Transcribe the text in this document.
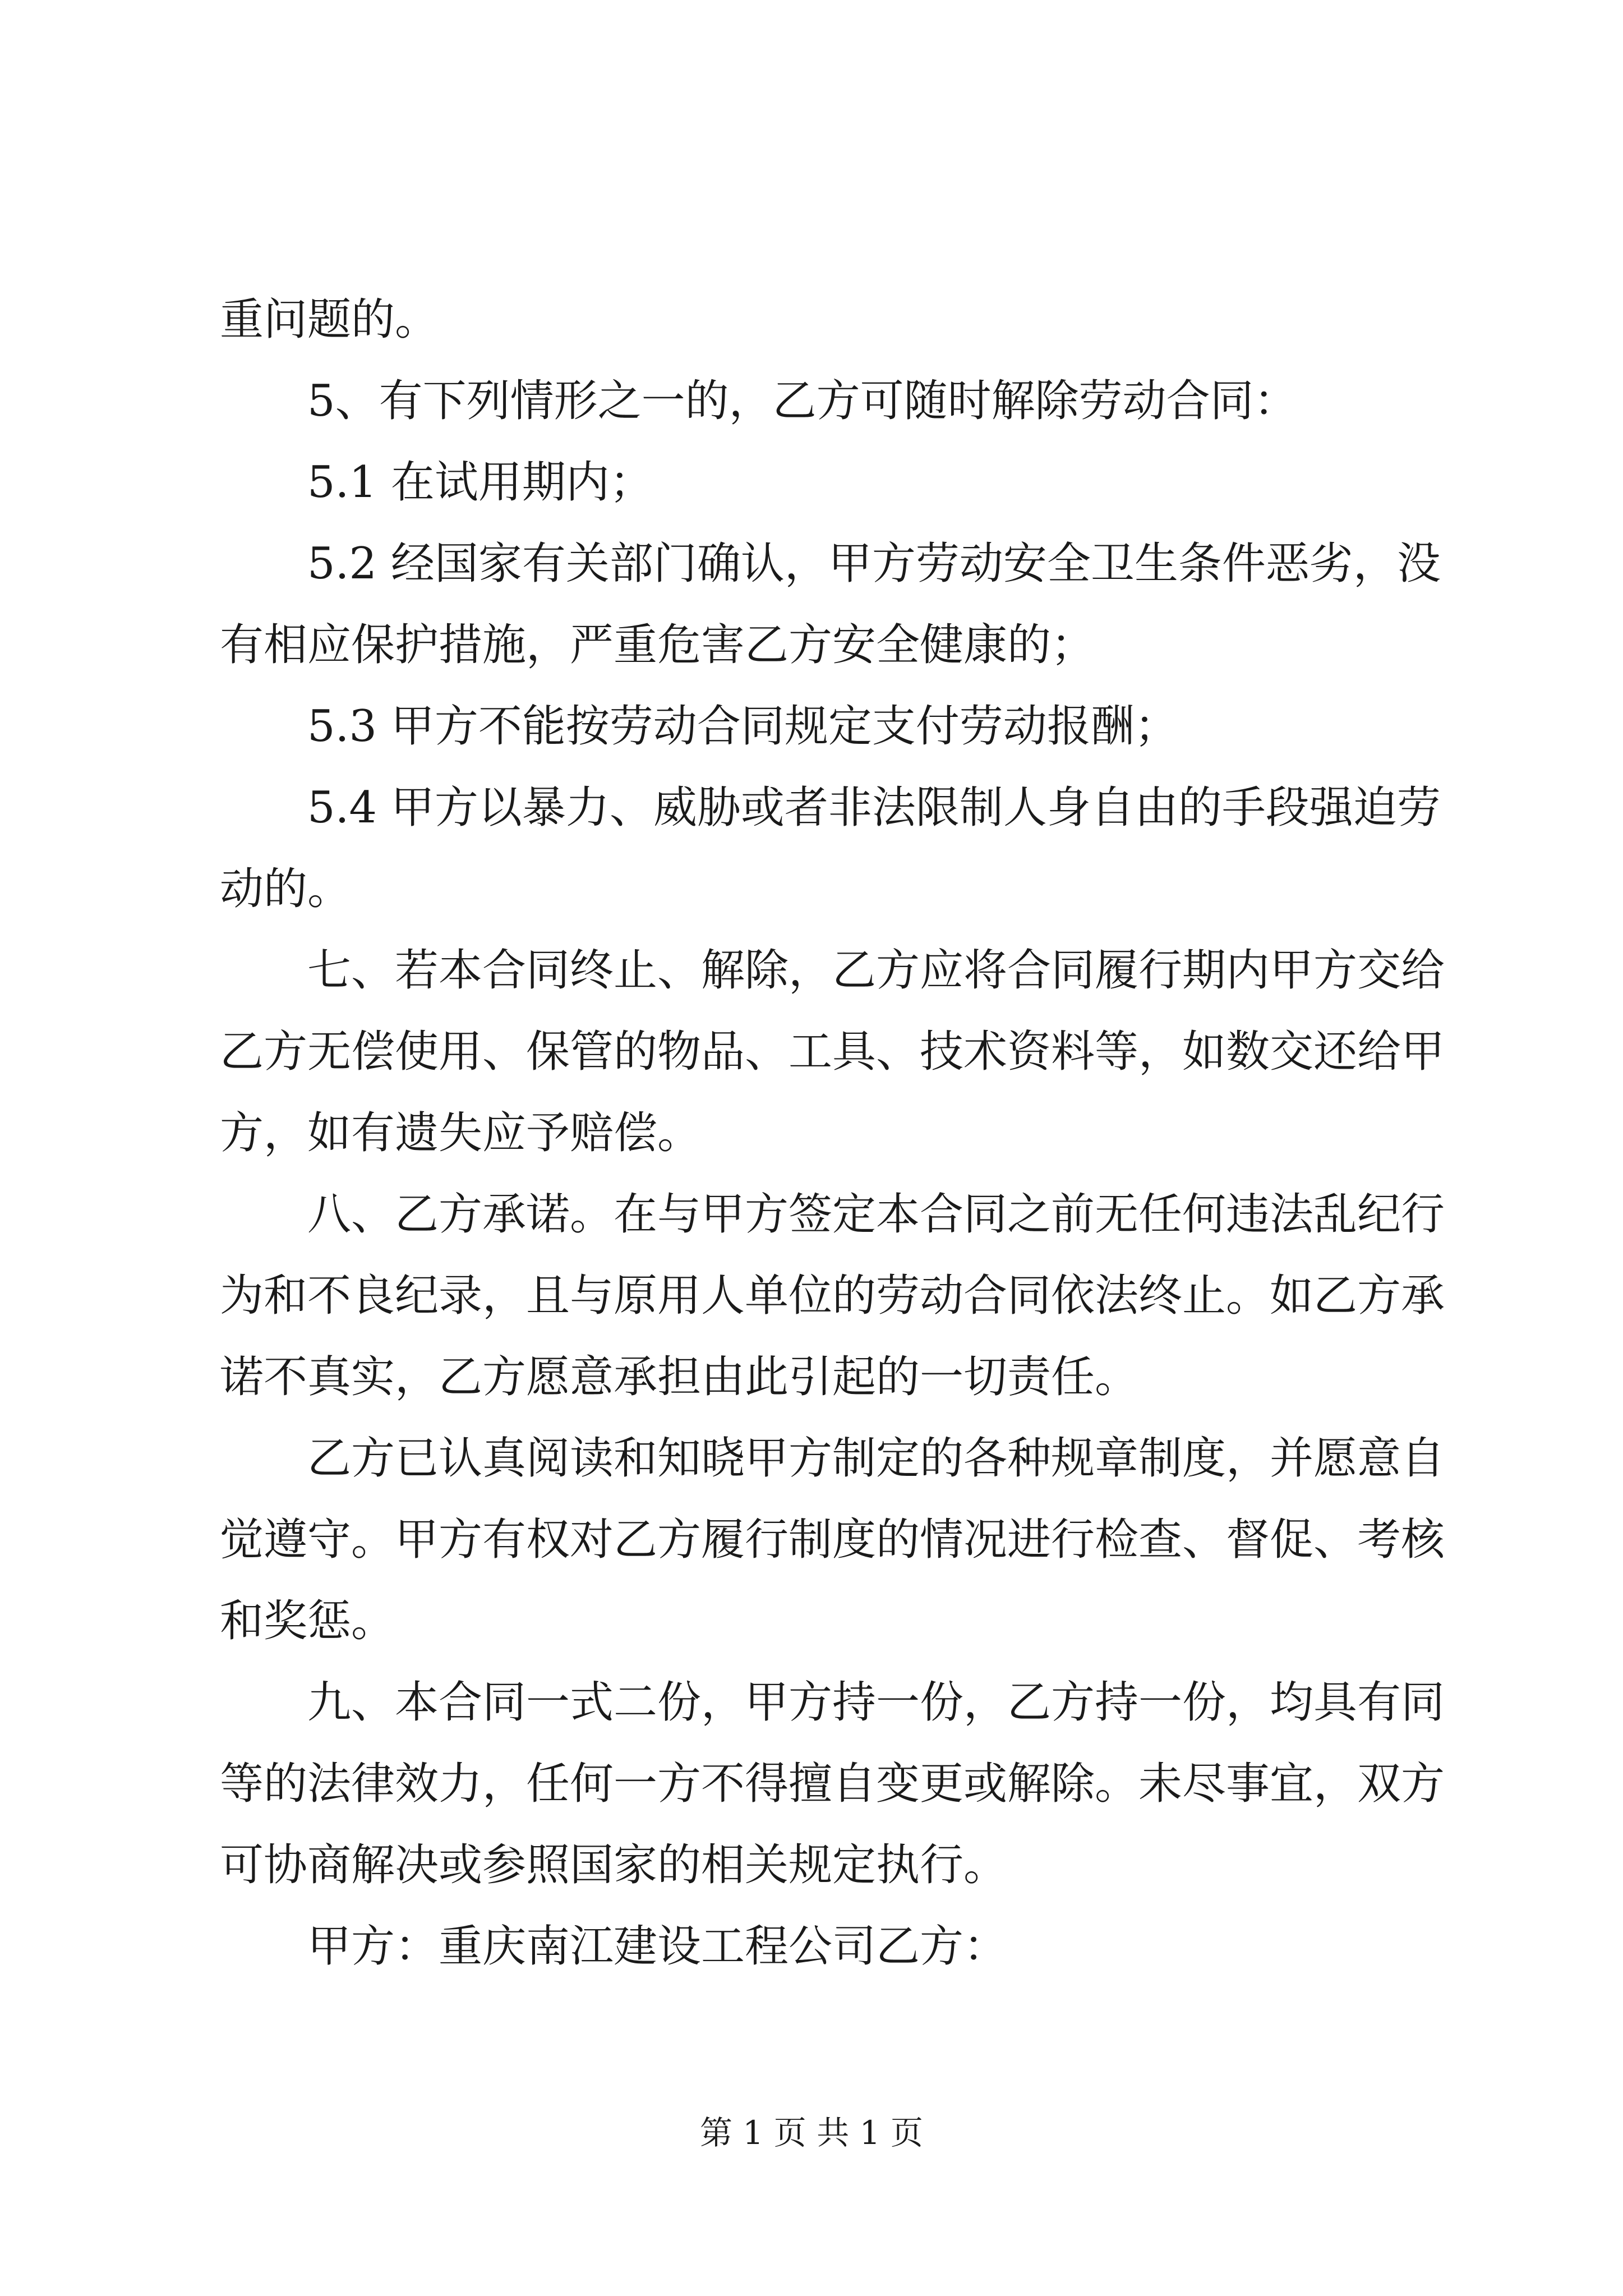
重问题的。
5、有下列情形之一的，乙方可随时解除劳动合同：
5.1 在试用期内；
5.2 经国家有关部门确认，甲方劳动安全卫生条件恶劣，没
有相应保护措施，严重危害乙方安全健康的；
5.3 甲方不能按劳动合同规定支付劳动报酬；
5.4 甲方以暴力、威胁或者非法限制人身自由的手段强迫劳
动的。
七、若本合同终止、解除，乙方应将合同履行期内甲方交给
乙方无偿使用、保管的物品、工具、技术资料等，如数交还给甲
方，如有遗失应予赔偿。
八、乙方承诺。在与甲方签定本合同之前无任何违法乱纪行
为和不良纪录，且与原用人单位的劳动合同依法终止。如乙方承
诺不真实，乙方愿意承担由此引起的一切责任。
乙方已认真阅读和知晓甲方制定的各种规章制度，并愿意自
觉遵守。甲方有权对乙方履行制度的情况进行检查、督促、考核
和奖惩。
九、本合同一式二份，甲方持一份，乙方持一份，均具有同
等的法律效力，任何一方不得擅自变更或解除。未尽事宜，双方
可协商解决或参照国家的相关规定执行。
甲方：重庆南江建设工程公司乙方：
第 1 页 共 1 页
